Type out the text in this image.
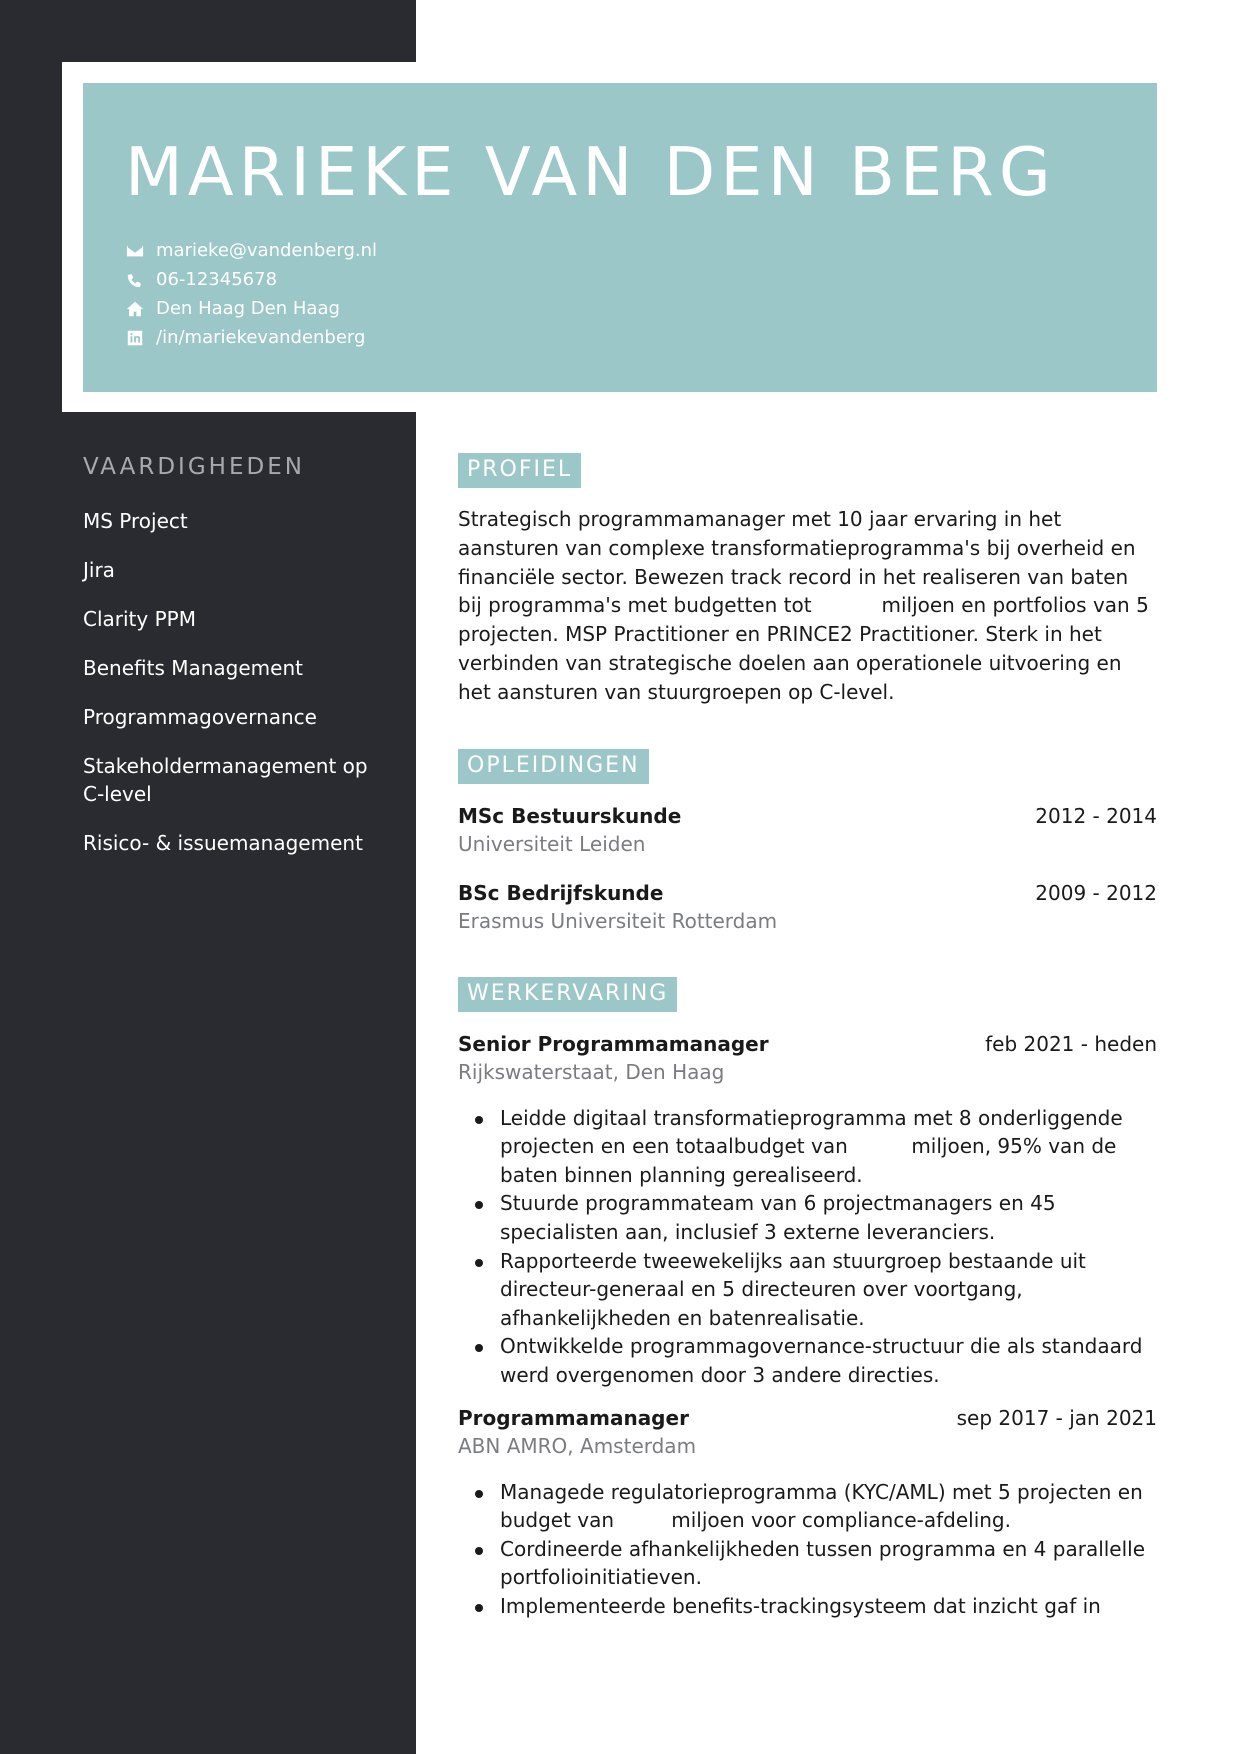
MARIEKE VAN DEN BERG
marieke@vandenberg.nl
06-12345678
Den Haag Den Haag
/in/mariekevandenberg
VAARDIGHEDEN
MS Project
Jira
Clarity PPM
Benefits Management
Programmagovernance
Stakeholdermanagement op C-level
Risico- & issuemanagement
PROFIEL

Strategisch programmamanager met 10 jaar ervaring in het aansturen van complexe transformatieprogramma's bij overheid en financiële sector. Bewezen track record in het realiseren van baten bij programma's met budgetten tot           miljoen en portfolios van 5       projecten. MSP Practitioner en PRINCE2 Practitioner. Sterk in het verbinden van strategische doelen aan operationele uitvoering en het aansturen van stuurgroepen op C-level.

OPLEIDINGEN
MSc Bestuurskunde	2012 - 2014
Universiteit Leiden
BSc Bedrijfskunde	2009 - 2012
Erasmus Universiteit Rotterdam
WERKERVARING
Senior Programmamanager	feb 2021 - heden
Rijkswaterstaat, Den Haag
Leidde digitaal transformatieprogramma met 8 onderliggende projecten en een totaalbudget van          miljoen, 95% van de baten binnen planning gerealiseerd.
Stuurde programmateam van 6 projectmanagers en 45 specialisten aan, inclusief 3 externe leveranciers.
Rapporteerde tweewekelijks aan stuurgroep bestaande uit directeur-generaal en 5 directeuren over voortgang, afhankelijkheden en batenrealisatie.
Ontwikkelde programmagovernance-structuur die als standaard werd overgenomen door 3 andere directies.
Programmamanager	sep 2017 - jan 2021
ABN AMRO, Amsterdam
Managede regulatorieprogramma (KYC/AML) met 5 projecten en budget van         miljoen voor compliance-afdeling.
Cordineerde afhankelijkheden tussen programma en 4 parallelle portfolioinitiatieven.
Implementeerde benefits-trackingsysteem dat inzicht gaf in
